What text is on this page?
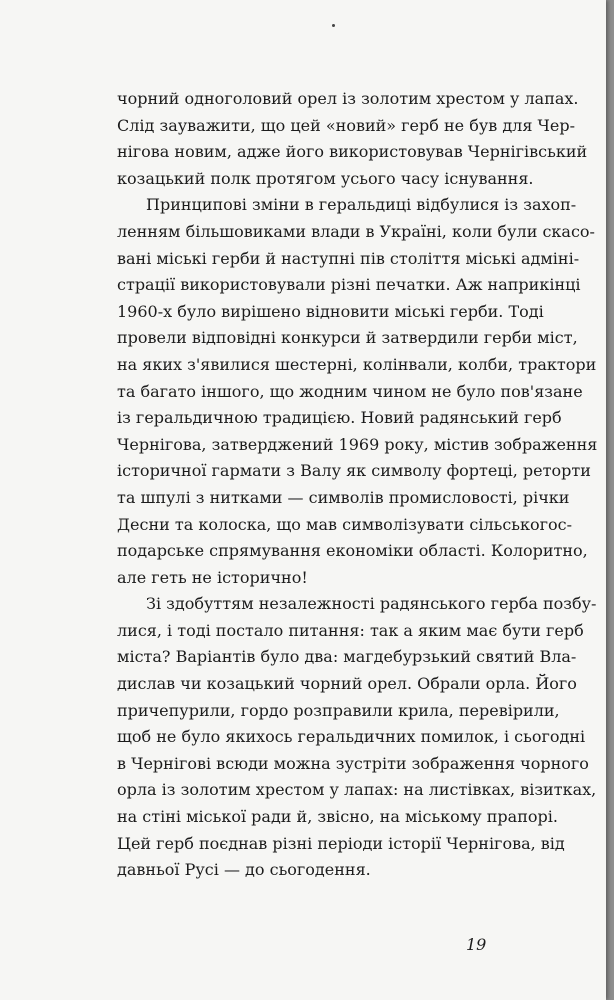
чорний одноголовий орел із золотим хрестом у лапах.
Слід зауважити, що цей «новий» герб не був для Чер-
нігова новим, адже його використовував Чернігівський
козацький полк протягом усього часу існування.
Принципові зміни в геральдиці відбулися із захоп-
ленням більшовиками влади в Україні, коли були скасо-
вані міські герби й наступні пів століття міські адміні-
страції використовували різні печатки. Аж наприкінці
1960-х було вирішено відновити міські герби. Тоді
провели відповідні конкурси й затвердили герби міст,
на яких з'явилися шестерні, колінвали, колби, трактори
та багато іншого, що жодним чином не було пов'язане
із геральдичною традицією. Новий радянський герб
Чернігова, затверджений 1969 року, містив зображення
історичної гармати з Валу як символу фортеці, реторти
та шпулі з нитками — символів промисловості, річки
Десни та колоска, що мав символізувати сільськогос-
подарське спрямування економіки області. Колоритно,
але геть не історично!
Зі здобуттям незалежності радянського герба позбу-
лися, і тоді постало питання: так а яким має бути герб
міста? Варіантів було два: магдебурзький святий Вла-
дислав чи козацький чорний орел. Обрали орла. Його
причепурили, гордо розправили крила, перевірили,
щоб не було якихось геральдичних помилок, і сьогодні
в Чернігові всюди можна зустріти зображення чорного
орла із золотим хрестом у лапах: на листівках, візитках,
на стіні міської ради й, звісно, на міському прапорі.
Цей герб поєднав різні періоди історії Чернігова, від
давньої Русі — до сьогодення.
19
